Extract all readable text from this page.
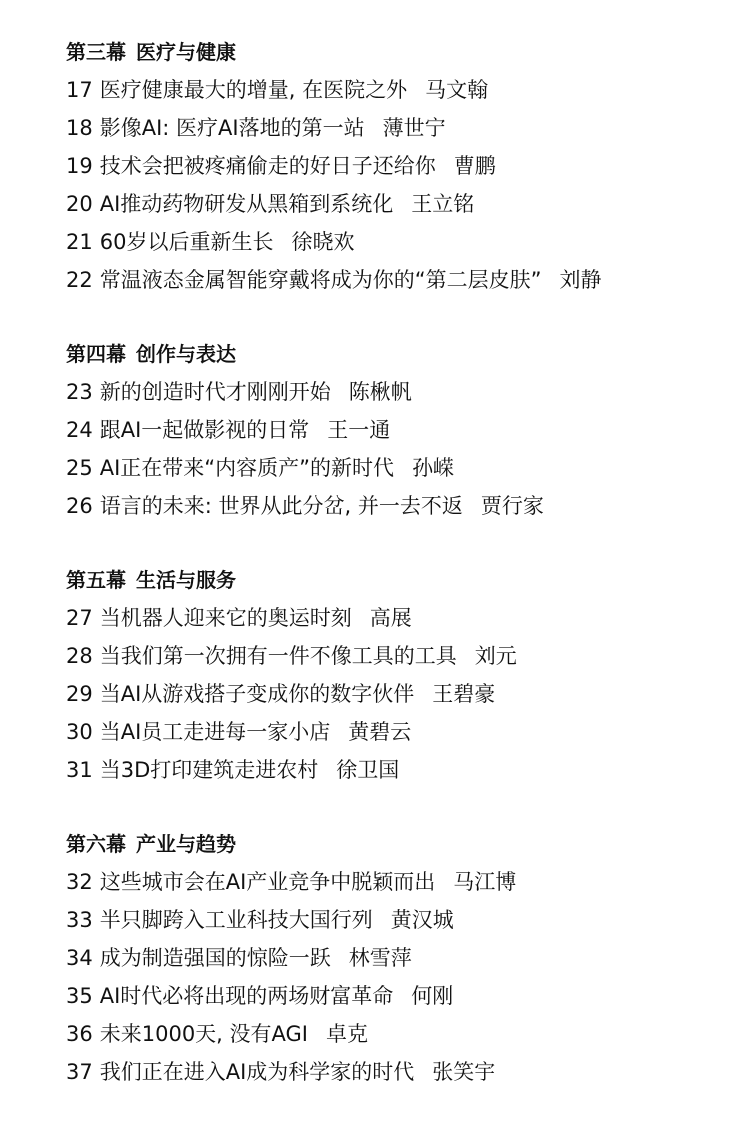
第三幕 医疗与健康
17 医疗健康最大的增量, 在医院之外 马文翰
18 影像AI: 医疗AI落地的第一站 薄世宁
19 技术会把被疼痛偷走的好日子还给你 曹鹏
20 AI推动药物研发从黑箱到系统化 王立铭
21 60岁以后重新生长 徐晓欢
22 常温液态金属智能穿戴将成为你的“第二层皮肤” 刘静
第四幕 创作与表达
23 新的创造时代才刚刚开始 陈楸帆
24 跟AI一起做影视的日常 王一通
25 AI正在带来“内容质产”的新时代 孙嵘
26 语言的未来: 世界从此分岔, 并一去不返 贾行家
第五幕 生活与服务
27 当机器人迎来它的奥运时刻 高展
28 当我们第一次拥有一件不像工具的工具 刘元
29 当AI从游戏搭子变成你的数字伙伴 王碧豪
30 当AI员工走进每一家小店 黄碧云
31 当3D打印建筑走进农村 徐卫国
第六幕 产业与趋势
32 这些城市会在AI产业竞争中脱颖而出 马江博
33 半只脚跨入工业科技大国行列 黄汉城
34 成为制造强国的惊险一跃 林雪萍
35 AI时代必将出现的两场财富革命 何刚
36 未来1000天, 没有AGI 卓克
37 我们正在进入AI成为科学家的时代 张笑宇
